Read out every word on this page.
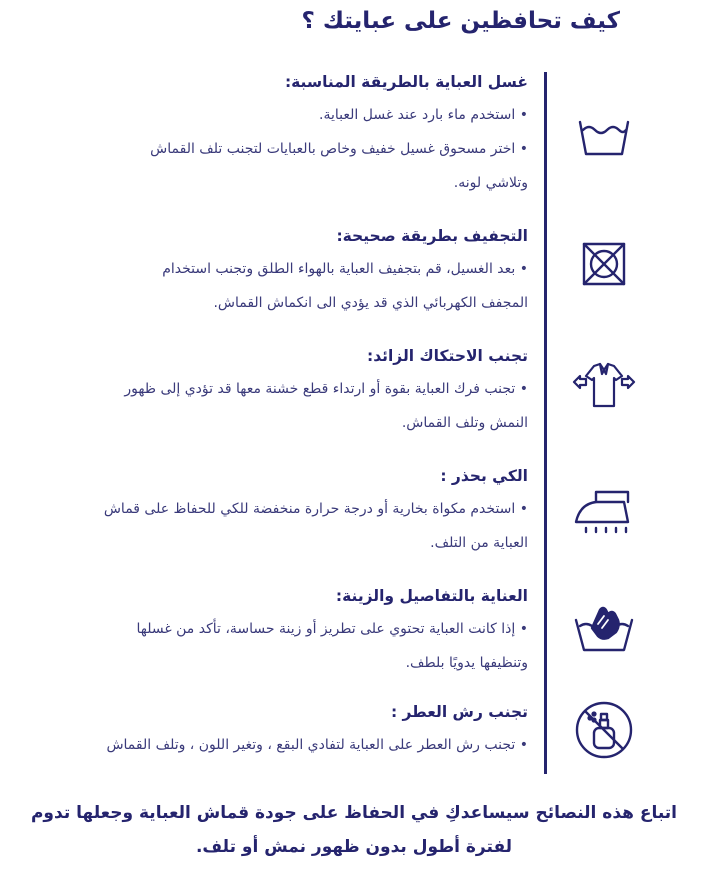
كيف تحافظين على عبايتك ؟
غسل العباية بالطريقة المناسبة:

• استخدم ماء بارد عند غسل العباية.

• اختر مسحوق غسيل خفيف وخاص بالعبايات لتجنب تلف القماش

وتلاشي لونه.

التجفيف بطريقة صحيحة:

• بعد الغسيل، قم بتجفيف العباية بالهواء الطلق وتجنب استخدام

المجفف الكهربائي الذي قد يؤدي الى انكماش القماش.

تجنب الاحتكاك الزائد:

• تجنب فرك العباية بقوة أو ارتداء قطع خشنة معها قد تؤدي إلى ظهور

النمش وتلف القماش.

الكي بحذر :

• استخدم مكواة بخارية أو درجة حرارة منخفضة للكي للحفاظ على قماش

العباية من التلف.

العناية بالتفاصيل والزينة:

• إذا كانت العباية تحتوي على تطريز أو زينة حساسة، تأكد من غسلها

وتنظيفها يدويًا بلطف.

تجنب رش العطر :

• تجنب رش العطر على العباية لتفادي البقع ، وتغير اللون ، وتلف القماش

اتباع هذه النصائح سيساعدكِ في الحفاظ على جودة قماش العباية وجعلها تدوم
لفترة أطول بدون ظهور نمش أو تلف.
